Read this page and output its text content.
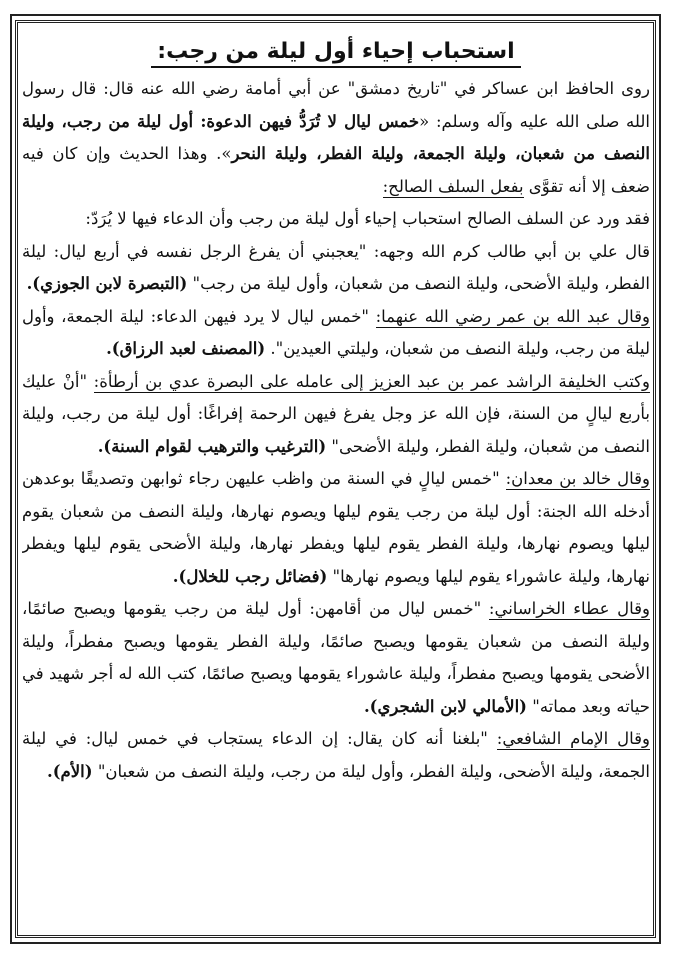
استحباب إحياء أول ليلة من رجب:

روى الحافظ ابن عساكر في "تاريخ دمشق" عن أبي أمامة رضي الله عنه قال: قال رسول الله صلى الله عليه وآله وسلم: «خمس ليال لا تُرَدُّ فيهن الدعوة: أول ليلة من رجب، وليلة النصف من شعبان، وليلة الجمعة، وليلة الفطر، وليلة النحر». وهذا الحديث وإن كان فيه ضعف إلا أنه تقوَّى بفعل السلف الصالح:

فقد ورد عن السلف الصالح استحباب إحياء أول ليلة من رجب وأن الدعاء فيها لا يُرَدّ:

قال علي بن أبي طالب كرم الله وجهه: "يعجبني أن يفرغ الرجل نفسه في أربع ليال: ليلة الفطر، وليلة الأضحى، وليلة النصف من شعبان، وأول ليلة من رجب" (التبصرة لابن الجوزي).

وقال عبد الله بن عمر رضي الله عنهما: "خمس ليال لا يرد فيهن الدعاء: ليلة الجمعة، وأول ليلة من رجب، وليلة النصف من شعبان، وليلتي العيدين". (المصنف لعبد الرزاق).

وكتب الخليفة الراشد عمر بن عبد العزيز إلى عامله على البصرة عدي بن أرطأة: "أنْ عليك بأربع ليالٍ من السنة، فإن الله عز وجل يفرغ فيهن الرحمة إفراغًا: أول ليلة من رجب، وليلة النصف من شعبان، وليلة الفطر، وليلة الأضحى" (الترغيب والترهيب لقوام السنة).

وقال خالد بن معدان: "خمس ليالٍ في السنة من واظب عليهن رجاء ثوابهن وتصديقًا بوعدهن أدخله الله الجنة: أول ليلة من رجب يقوم ليلها ويصوم نهارها، وليلة النصف من شعبان يقوم ليلها ويصوم نهارها، وليلة الفطر يقوم ليلها ويفطر نهارها، وليلة الأضحى يقوم ليلها ويفطر نهارها، وليلة عاشوراء يقوم ليلها ويصوم نهارها" (فضائل رجب للخلال).

وقال عطاء الخراساني: "خمس ليال من أقامهن: أول ليلة من رجب يقومها ويصبح صائمًا، وليلة النصف من شعبان يقومها ويصبح صائمًا، وليلة الفطر يقومها ويصبح مفطراً، وليلة الأضحى يقومها ويصبح مفطراً، وليلة عاشوراء يقومها ويصبح صائمًا، كتب الله له أجر شهيد في حياته وبعد مماته" (الأمالي لابن الشجري).

وقال الإمام الشافعي: "بلغنا أنه كان يقال: إن الدعاء يستجاب في خمس ليال: في ليلة الجمعة، وليلة الأضحى، وليلة الفطر، وأول ليلة من رجب، وليلة النصف من شعبان" (الأم).
